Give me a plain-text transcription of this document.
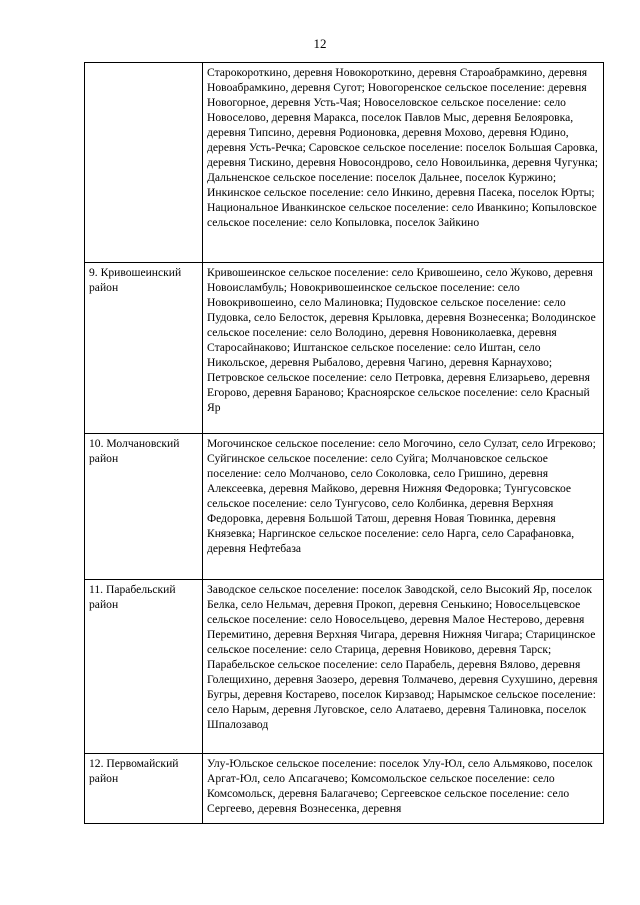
12
	Старокороткино, деревня Новокороткино, деревня Староабрамкино, деревня Новоабрамкино, деревня Сугот; Новогоренское сельское поселение: деревня Новогорное, деревня Усть-Чая; Новоселовское сельское поселение: село Новоселово, деревня Маракса, поселок Павлов Мыс, деревня Белояровка, деревня Типсино, деревня Родионовка, деревня Мохово, деревня Юдино, деревня Усть-Речка; Саровское сельское поселение: поселок Большая Саровка, деревня Тискино, деревня Новосондрово, село Новоильинка, деревня Чугунка; Дальненское сельское поселение: поселок Дальнее, поселок Куржино; Инкинское сельское поселение: село Инкино, деревня Пасека, поселок Юрты; Национальное Иванкинское сельское поселение: село Иванкино; Копыловское сельское поселение: село Копыловка, поселок Зайкино
9. Кривошеинский район	Кривошеинское сельское поселение: село Кривошеино, село Жуково, деревня Новоисламбуль; Новокривошеинское сельское поселение: село Новокривошеино, село Малиновка; Пудовское сельское поселение: село Пудовка, село Белосток, деревня Крыловка, деревня Вознесенка; Володинское сельское поселение: село Володино, деревня Новониколаевка, деревня Старосайнаково; Иштанское сельское поселение: село Иштан, село Никольское, деревня Рыбалово, деревня Чагино, деревня Карнаухово; Петровское сельское поселение: село Петровка, деревня Елизарьево, деревня Егорово, деревня Бараново; Красноярское сельское поселение: село Красный Яр
10. Молчановский район	Могочинское сельское поселение: село Могочино, село Сулзат, село Игреково; Суйгинское сельское поселение: село Суйга; Молчановское сельское поселение: село Молчаново, село Соколовка, село Гришино, деревня Алексеевка, деревня Майково, деревня Нижняя Федоровка; Тунгусовское сельское поселение: село Тунгусово, село Колбинка, деревня Верхняя Федоровка, деревня Большой Татош, деревня Новая Тювинка, деревня Князевка; Наргинское сельское поселение: село Нарга, село Сарафановка, деревня Нефтебаза
11. Парабельский район	Заводское сельское поселение: поселок Заводской, село Высокий Яр, поселок Белка, село Нельмач, деревня Прокоп, деревня Сенькино; Новосельцевское сельское поселение: село Новосельцево, деревня Малое Нестерово, деревня Перемитино, деревня Верхняя Чигара, деревня Нижняя Чигара; Старицинское сельское поселение: село Старица, деревня Новиково, деревня Тарск; Парабельское сельское поселение: село Парабель, деревня Вялово, деревня Голещихино, деревня Заозеро, деревня Толмачево, деревня Сухушино, деревня Бугры, деревня Костарево, поселок Кирзавод; Нарымское сельское поселение: село Нарым, деревня Луговское, село Алатаево, деревня Талиновка, поселок Шпалозавод
12. Первомайский район	Улу-Юльское сельское поселение: поселок Улу-Юл, село Альмяково, поселок Аргат-Юл, село Апсагачево; Комсомольское сельское поселение: село Комсомольск, деревня Балагачево; Сергеевское сельское поселение: село Сергеево, деревня Вознесенка, деревня
